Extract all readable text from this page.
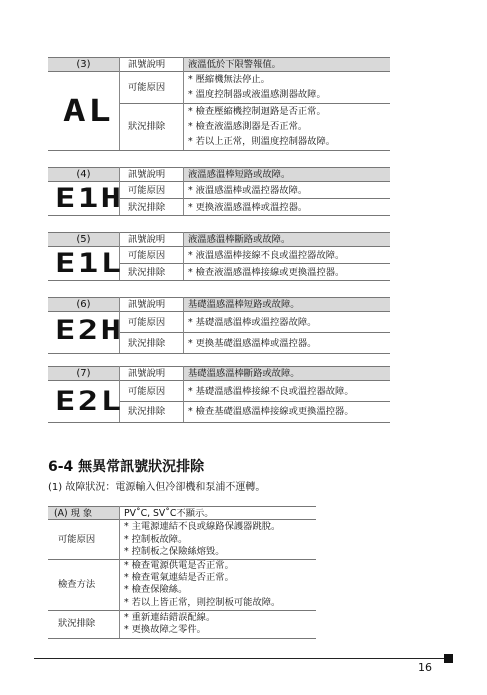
(3)
AL
訊號說明 液溫低於下限警報值。
可能原因
* 壓縮機無法停止。
* 溫度控制器或液溫感測器故障。
狀況排除
* 檢查壓縮機控制迴路是否正常。
* 檢查液溫感測器是否正常。
* 若以上正常，則溫度控制器故障。
(4)
E1H
訊號說明 液溫感溫棒短路或故障。
可能原因 * 液溫感溫棒或溫控器故障。
狀況排除 * 更換液溫感溫棒或溫控器。
(5)
E1L
訊號說明 液溫感溫棒斷路或故障。
可能原因 * 液溫感溫棒接線不良或溫控器故障。
狀況排除 * 檢查液溫感溫棒接線或更換溫控器。
(6)
E2H
訊號說明 基礎溫感溫棒短路或故障。
可能原因 * 基礎溫感溫棒或溫控器故障。
狀況排除 * 更換基礎溫感溫棒或溫控器。
(7)
E2L
訊號說明 基礎溫感溫棒斷路或故障。
可能原因 * 基礎溫感溫棒接線不良或溫控器故障。
狀況排除 * 檢查基礎溫感溫棒接線或更換溫控器。
6-4 無異常訊號狀況排除
(1) 故障狀況：電源輸入但冷卻機和泵浦不運轉。
(A) 現 象	PV˚C, SV˚C不顯示。
可能原因
* 主電源連結不良或線路保護器跳脫。
* 控制板故障。
* 控制板之保險絲熔毀。
檢查方法
* 檢查電源供電是否正常。
* 檢查電氣連結是否正常。
* 檢查保險絲。
* 若以上皆正常，則控制板可能故障。
狀況排除
* 重新連結錯誤配線。
* 更換故障之零件。
16
